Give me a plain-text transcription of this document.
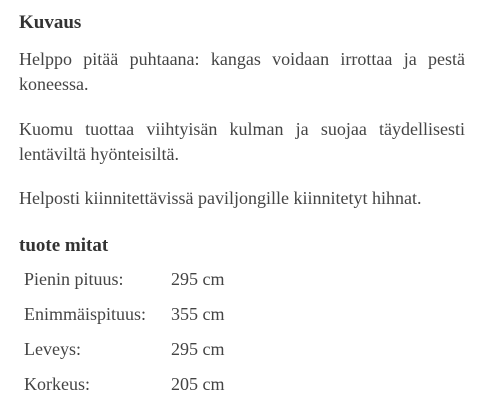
Kuvaus

Helppo pitää puhtaana: kangas voidaan irrottaa ja pestä koneessa.

Kuomu tuottaa viihtyisän kulman ja suojaa täydellisesti lentäviltä hyönteisiltä.

Helposti kiinnitettävissä paviljongille kiinnitetyt hihnat.

tuote mitat
Pienin pituus:	295 cm
Enimmäispituus:	355 cm
Leveys:	295 cm
Korkeus:	205 cm
